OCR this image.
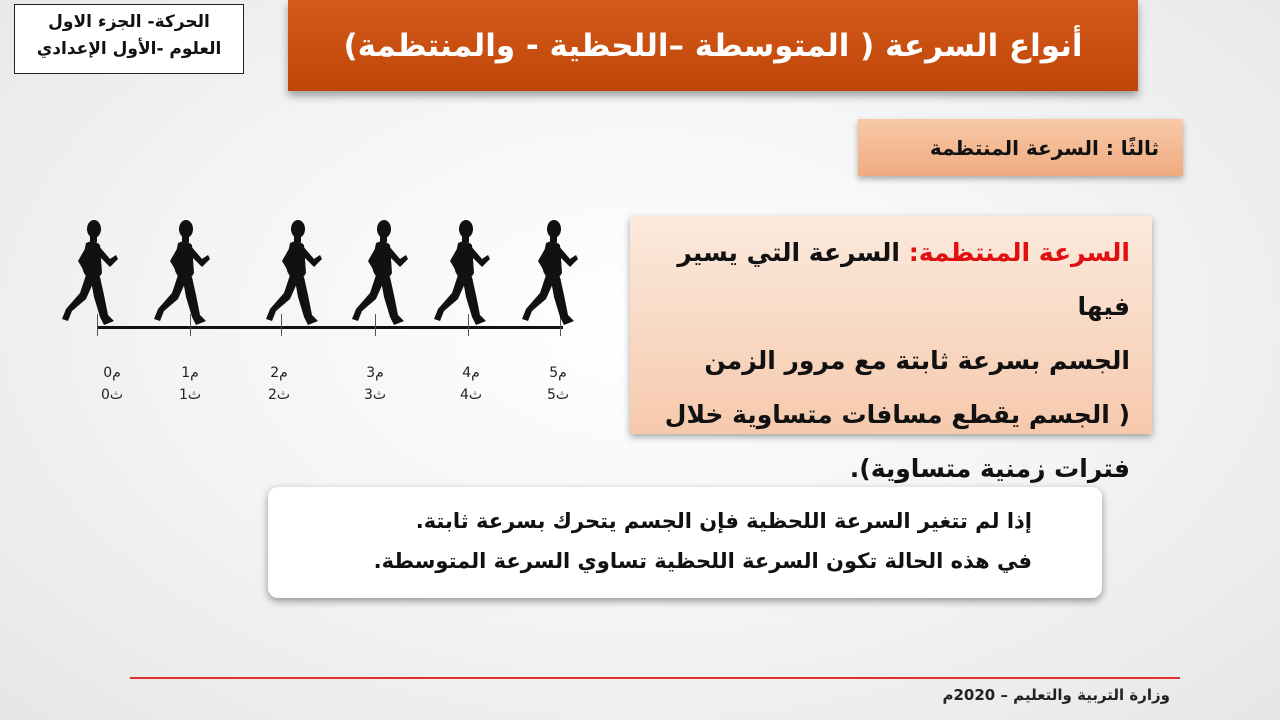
الحركة- الجزء الاول
العلوم -الأول الإعدادي	أنواع السرعة ( المتوسطة –اللحظية - والمنتظمة)
ثالثًا : السرعة المنتظمة
السرعة المنتظمة: السرعة التي يسير فيها
الجسم بسرعة ثابتة مع مرور الزمن
( الجسم يقطع مسافات متساوية خلال
فترات زمنية متساوية).
إذا لم تتغير السرعة اللحظية فإن الجسم يتحرك بسرعة ثابتة.
في هذه الحالة تكون السرعة اللحظية تساوي السرعة المتوسطة.
0م
0ث
1م
1ث
2م
2ث
3م
3ث
4م
4ث
5م
5ث
وزارة التربية والتعليم – 2020م
